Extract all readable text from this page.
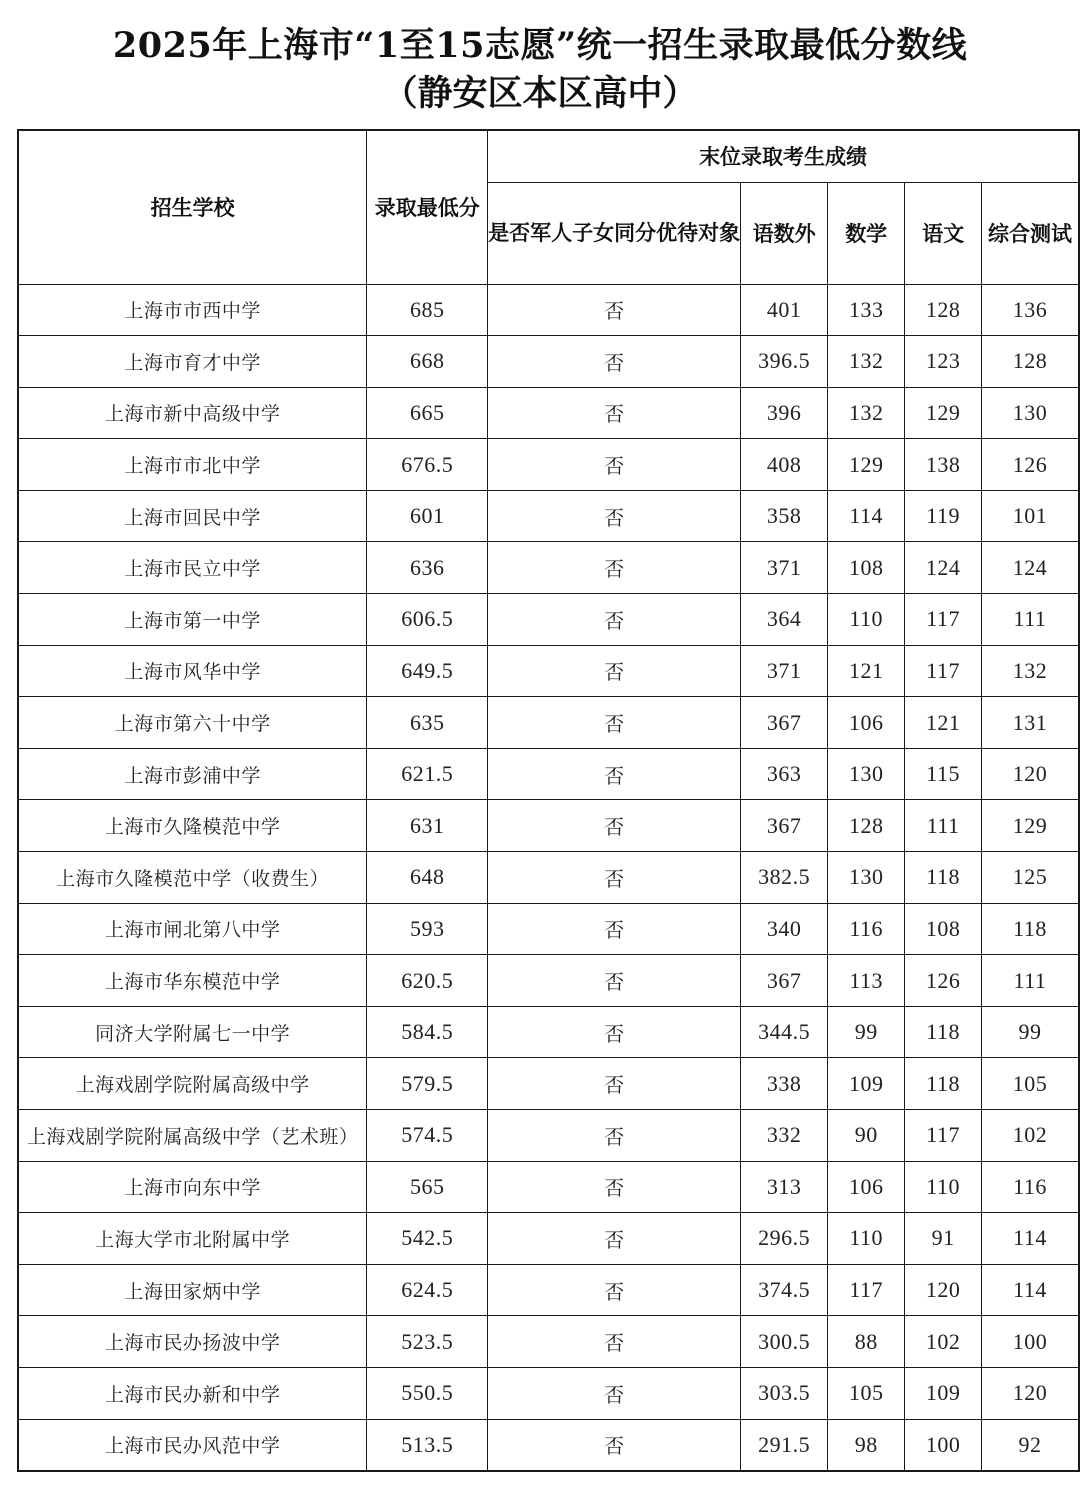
2025年上海市“1至15志愿”统一招生录取最低分数线
（静安区本区高中）
招生学校	录取最低分	末位录取考生成绩				
		是否军人子女同分优待对象	语数外	数学	语文	综合测试
上海市市西中学	685	否	401	133	128	136
上海市育才中学	668	否	396.5	132	123	128
上海市新中高级中学	665	否	396	132	129	130
上海市市北中学	676.5	否	408	129	138	126
上海市回民中学	601	否	358	114	119	101
上海市民立中学	636	否	371	108	124	124
上海市第一中学	606.5	否	364	110	117	111
上海市风华中学	649.5	否	371	121	117	132
上海市第六十中学	635	否	367	106	121	131
上海市彭浦中学	621.5	否	363	130	115	120
上海市久隆模范中学	631	否	367	128	111	129
上海市久隆模范中学（收费生）	648	否	382.5	130	118	125
上海市闸北第八中学	593	否	340	116	108	118
上海市华东模范中学	620.5	否	367	113	126	111
同济大学附属七一中学	584.5	否	344.5	99	118	99
上海戏剧学院附属高级中学	579.5	否	338	109	118	105
上海戏剧学院附属高级中学（艺术班）	574.5	否	332	90	117	102
上海市向东中学	565	否	313	106	110	116
上海大学市北附属中学	542.5	否	296.5	110	91	114
上海田家炳中学	624.5	否	374.5	117	120	114
上海市民办扬波中学	523.5	否	300.5	88	102	100
上海市民办新和中学	550.5	否	303.5	105	109	120
上海市民办风范中学	513.5	否	291.5	98	100	92
